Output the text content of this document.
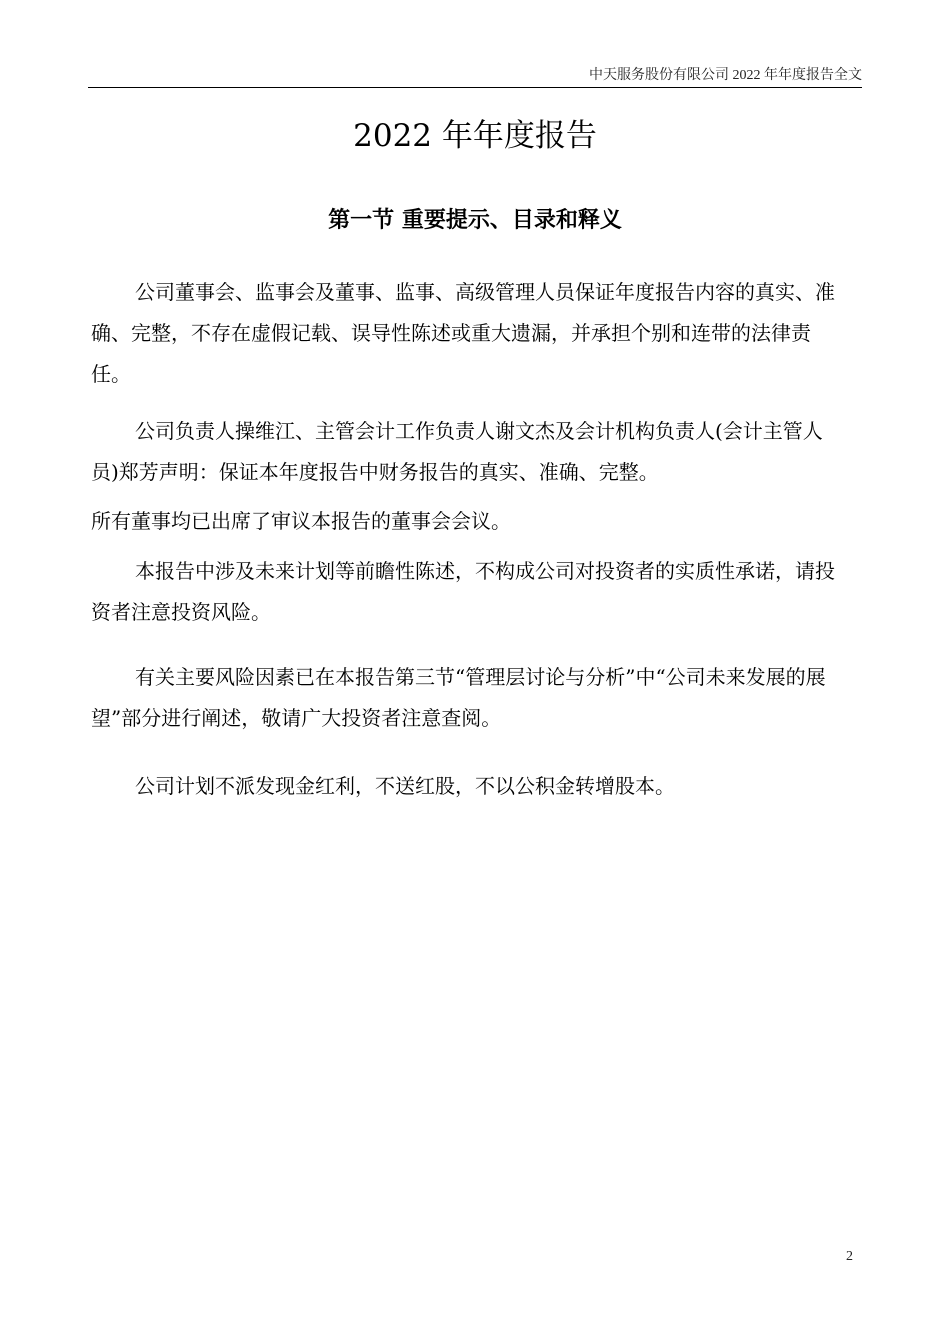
中天服务股份有限公司 2022 年年度报告全文
2022 年年度报告
第一节 重要提示、目录和释义

公司董事会、监事会及董事、监事、高级管理人员保证年度报告内容的真实、准确、完整，不存在虚假记载、误导性陈述或重大遗漏，并承担个别和连带的法律责任。

公司负责人操维江、主管会计工作负责人谢文杰及会计机构负责人(会计主管人员)郑芳声明：保证本年度报告中财务报告的真实、准确、完整。

所有董事均已出席了审议本报告的董事会会议。

本报告中涉及未来计划等前瞻性陈述，不构成公司对投资者的实质性承诺，请投资者注意投资风险。

有关主要风险因素已在本报告第三节“管理层讨论与分析”中“公司未来发展的展望”部分进行阐述，敬请广大投资者注意查阅。

公司计划不派发现金红利，不送红股，不以公积金转增股本。

2
